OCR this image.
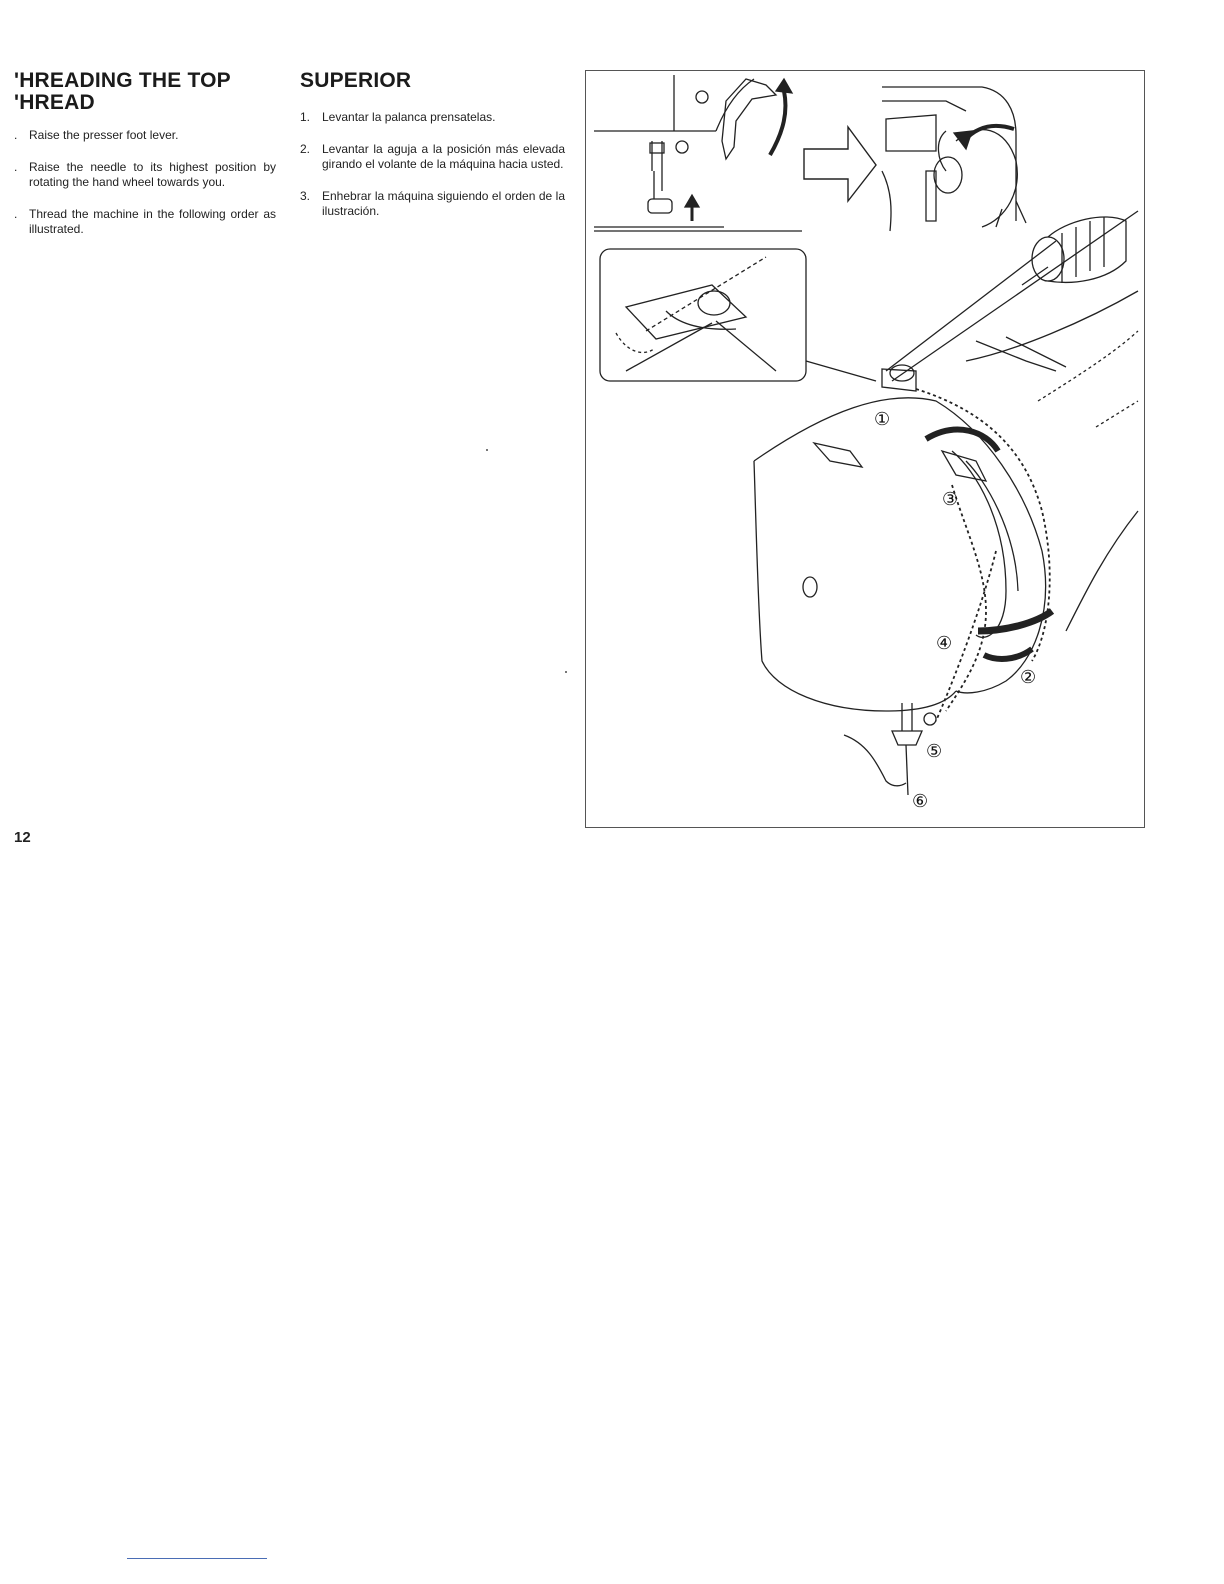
'HREADING THE TOP
'HREAD
. Raise the presser foot lever.
. Raise the needle to its highest position by rotating the hand wheel towards you.
. Thread the machine in the following order as illustrated.
SUPERIOR
1. Levantar la palanca prensatelas.
2. Levantar la aguja a la posición más elevada girando el volante de la máquina hacia usted.
3. Enhebrar la máquina siguiendo el orden de la ilustración.
①
②
③
④
⑤
⑥
12
